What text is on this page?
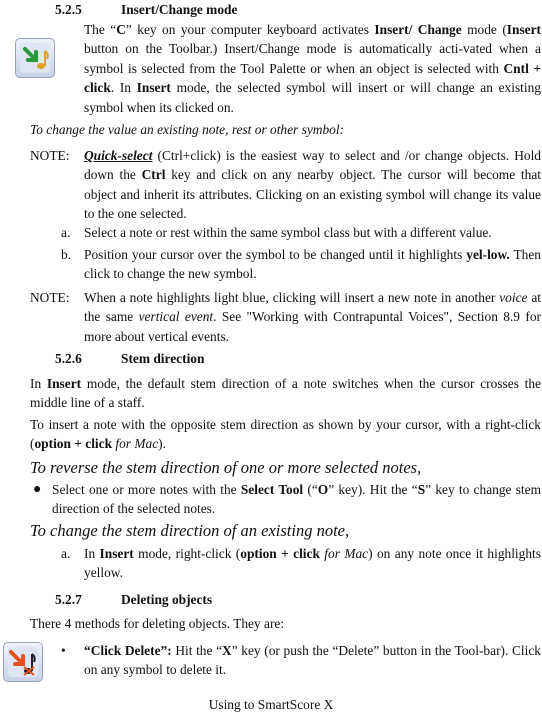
5.2.5	Insert/Change mode
The “C” key on your computer keyboard activates Insert/ Change mode (Insert button on the Toolbar.) Insert/Change mode is automatically acti-vated when a symbol is selected from the Tool Palette or when an object is selected with Cntl + click. In Insert mode, the selected symbol will insert or will change an existing symbol when its clicked on.
To change the value an existing note, rest or other symbol:
NOTE: Quick-select (Ctrl+click) is the easiest way to select and /or change objects. Hold down the Ctrl key and click on any nearby object. The cursor will become that object and inherit its attributes. Clicking on an existing symbol will change its value to the one selected.
a. Select a note or rest within the same symbol class but with a different value.
b. Position your cursor over the symbol to be changed until it highlights yel-low. Then click to change the new symbol.
NOTE: When a note highlights light blue, clicking will insert a new note in another voice at the same vertical event. See "Working with Contrapuntal Voices", Section 8.9 for more about vertical events.
5.2.6	Stem direction
In Insert mode, the default stem direction of a note switches when the cursor crosses the middle line of a staff.
To insert a note with the opposite stem direction as shown by your cursor, with a right-click (option + click for Mac).
To reverse the stem direction of one or more selected notes,
● Select one or more notes with the Select Tool (“O” key). Hit the “S” key to change stem direction of the selected notes.
To change the stem direction of an existing note,
a. In Insert mode, right-click (option + click for Mac) on any note once it highlights yellow.
5.2.7	Deleting objects
There 4 methods for deleting objects. They are:
• “Click Delete”: Hit the “X” key (or push the “Delete” button in the Tool-bar). Click on any symbol to delete it.
Using to SmartScore X
